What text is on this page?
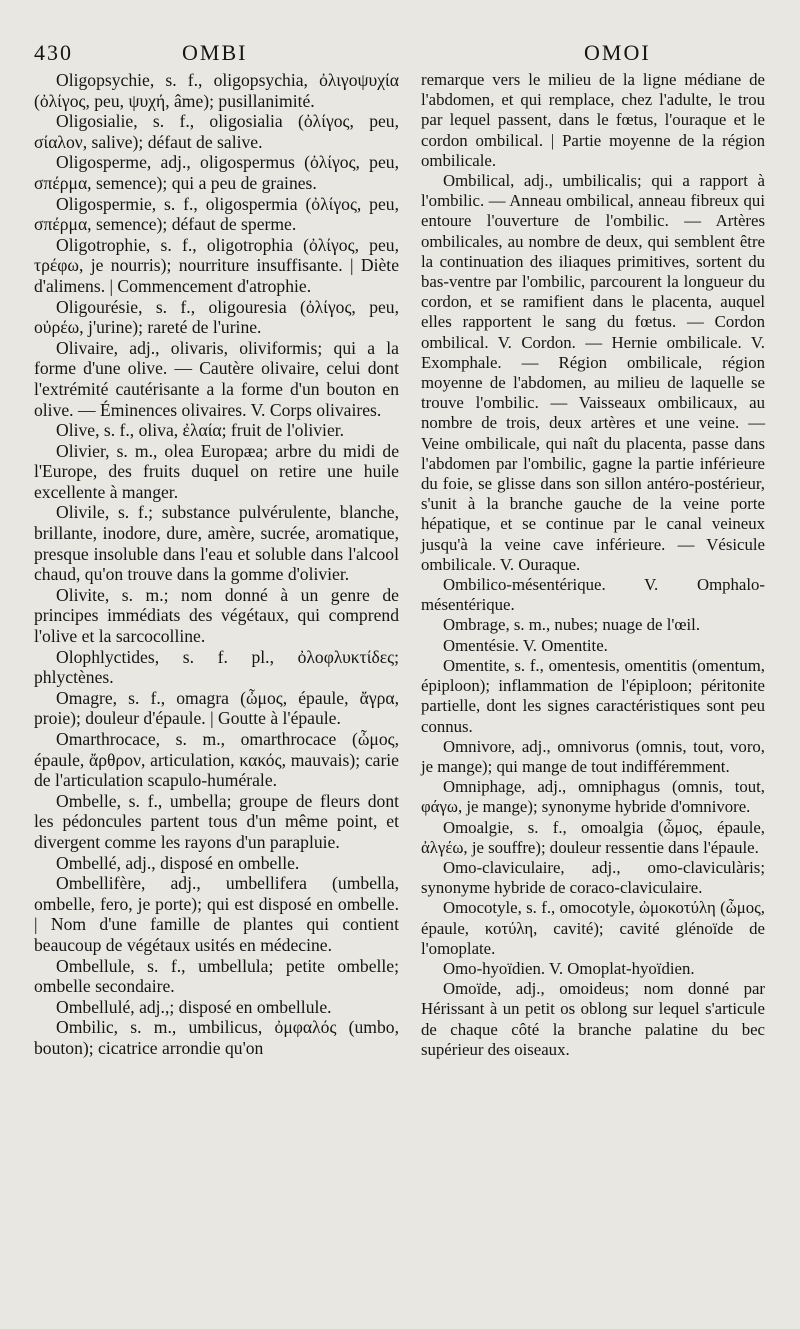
430	OMBI	OMOI

Oligopsychie, s. f., oligopsychia, ὀλιγοψυχία (ὀλίγος, peu, ψυχή, âme); pusillanimité.

Oligosialie, s. f., oligosialia (ὀλίγος, peu, σίαλον, salive); défaut de salive.

Oligosperme, adj., oligospermus (ὀλίγος, peu, σπέρμα, semence); qui a peu de graines.

Oligospermie, s. f., oligospermia (ὀλίγος, peu, σπέρμα, semence); défaut de sperme.

Oligotrophie, s. f., oligotrophia (ὀλίγος, peu, τρέφω, je nourris); nourriture insuffisante. | Diète d'alimens. | Commencement d'atrophie.

Oligourésie, s. f., oligouresia (ὀλίγος, peu, οὐρέω, j'urine); rareté de l'urine.

Olivaire, adj., olivaris, oliviformis; qui a la forme d'une olive. — Cautère olivaire, celui dont l'extrémité cautérisante a la forme d'un bouton en olive. — Éminences olivaires. V. Corps olivaires.

Olive, s. f., oliva, ἐλαία; fruit de l'olivier.

Olivier, s. m., olea Europæa; arbre du midi de l'Europe, des fruits duquel on retire une huile excellente à manger.

Olivile, s. f.; substance pulvérulente, blanche, brillante, inodore, dure, amère, sucrée, aromatique, presque insoluble dans l'eau et soluble dans l'alcool chaud, qu'on trouve dans la gomme d'olivier.

Olivite, s. m.; nom donné à un genre de principes immédiats des végétaux, qui comprend l'olive et la sarcocolline.

Olophlyctides, s. f. pl., ὀλοφλυκτίδες; phlyctènes.

Omagre, s. f., omagra (ὦμος, épaule, ἄγρα, proie); douleur d'épaule. | Goutte à l'épaule.

Omarthrocace, s. m., omarthrocace (ὦμος, épaule, ἄρθρον, articulation, κακός, mauvais); carie de l'articulation scapulo-humérale.

Ombelle, s. f., umbella; groupe de fleurs dont les pédoncules partent tous d'un même point, et divergent comme les rayons d'un parapluie.

Ombellé, adj., disposé en ombelle.

Ombellifère, adj., umbellifera (umbella, ombelle, fero, je porte); qui est disposé en ombelle. | Nom d'une famille de plantes qui contient beaucoup de végétaux usités en médecine.

Ombellule, s. f., umbellula; petite ombelle; ombelle secondaire.

Ombellulé, adj.,; disposé en ombellule.

Ombilic, s. m., umbilicus, ὀμφαλός (umbo, bouton); cicatrice arrondie qu'on

remarque vers le milieu de la ligne médiane de l'abdomen, et qui remplace, chez l'adulte, le trou par lequel passent, dans le fœtus, l'ouraque et le cordon ombilical. | Partie moyenne de la région ombilicale.

Ombilical, adj., umbilicalis; qui a rapport à l'ombilic. — Anneau ombilical, anneau fibreux qui entoure l'ouverture de l'ombilic. — Artères ombilicales, au nombre de deux, qui semblent être la continuation des iliaques primitives, sortent du bas-ventre par l'ombilic, parcourent la longueur du cordon, et se ramifient dans le placenta, auquel elles rapportent le sang du fœtus. — Cordon ombilical. V. Cordon. — Hernie ombilicale. V. Exomphale. — Région ombilicale, région moyenne de l'abdomen, au milieu de laquelle se trouve l'ombilic. — Vaisseaux ombilicaux, au nombre de trois, deux artères et une veine. — Veine ombilicale, qui naît du placenta, passe dans l'abdomen par l'ombilic, gagne la partie inférieure du foie, se glisse dans son sillon antéro-postérieur, s'unit à la branche gauche de la veine porte hépatique, et se continue par le canal veineux jusqu'à la veine cave inférieure. — Vésicule ombilicale. V. Ouraque.

Ombilico-mésentérique. V. Omphalo-mésentérique.

Ombrage, s. m., nubes; nuage de l'œil.

Omentésie. V. Omentite.

Omentite, s. f., omentesis, omentitis (omentum, épiploon); inflammation de l'épiploon; péritonite partielle, dont les signes caractéristiques sont peu connus.

Omnivore, adj., omnivorus (omnis, tout, voro, je mange); qui mange de tout indifféremment.

Omniphage, adj., omniphagus (omnis, tout, φάγω, je mange); synonyme hybride d'omnivore.

Omoalgie, s. f., omoalgia (ὦμος, épaule, ἀλγέω, je souffre); douleur ressentie dans l'épaule.

Omo-claviculaire, adj., omo-claviculàris; synonyme hybride de coraco-claviculaire.

Omocotyle, s. f., omocotyle, ὠμοκοτύλη (ὦμος, épaule, κοτύλη, cavité); cavité glénoïde de l'omoplate.

Omo-hyoïdien. V. Omoplat-hyoïdien.

Omoïde, adj., omoideus; nom donné par Hérissant à un petit os oblong sur lequel s'articule de chaque côté la branche palatine du bec supérieur des oiseaux.
